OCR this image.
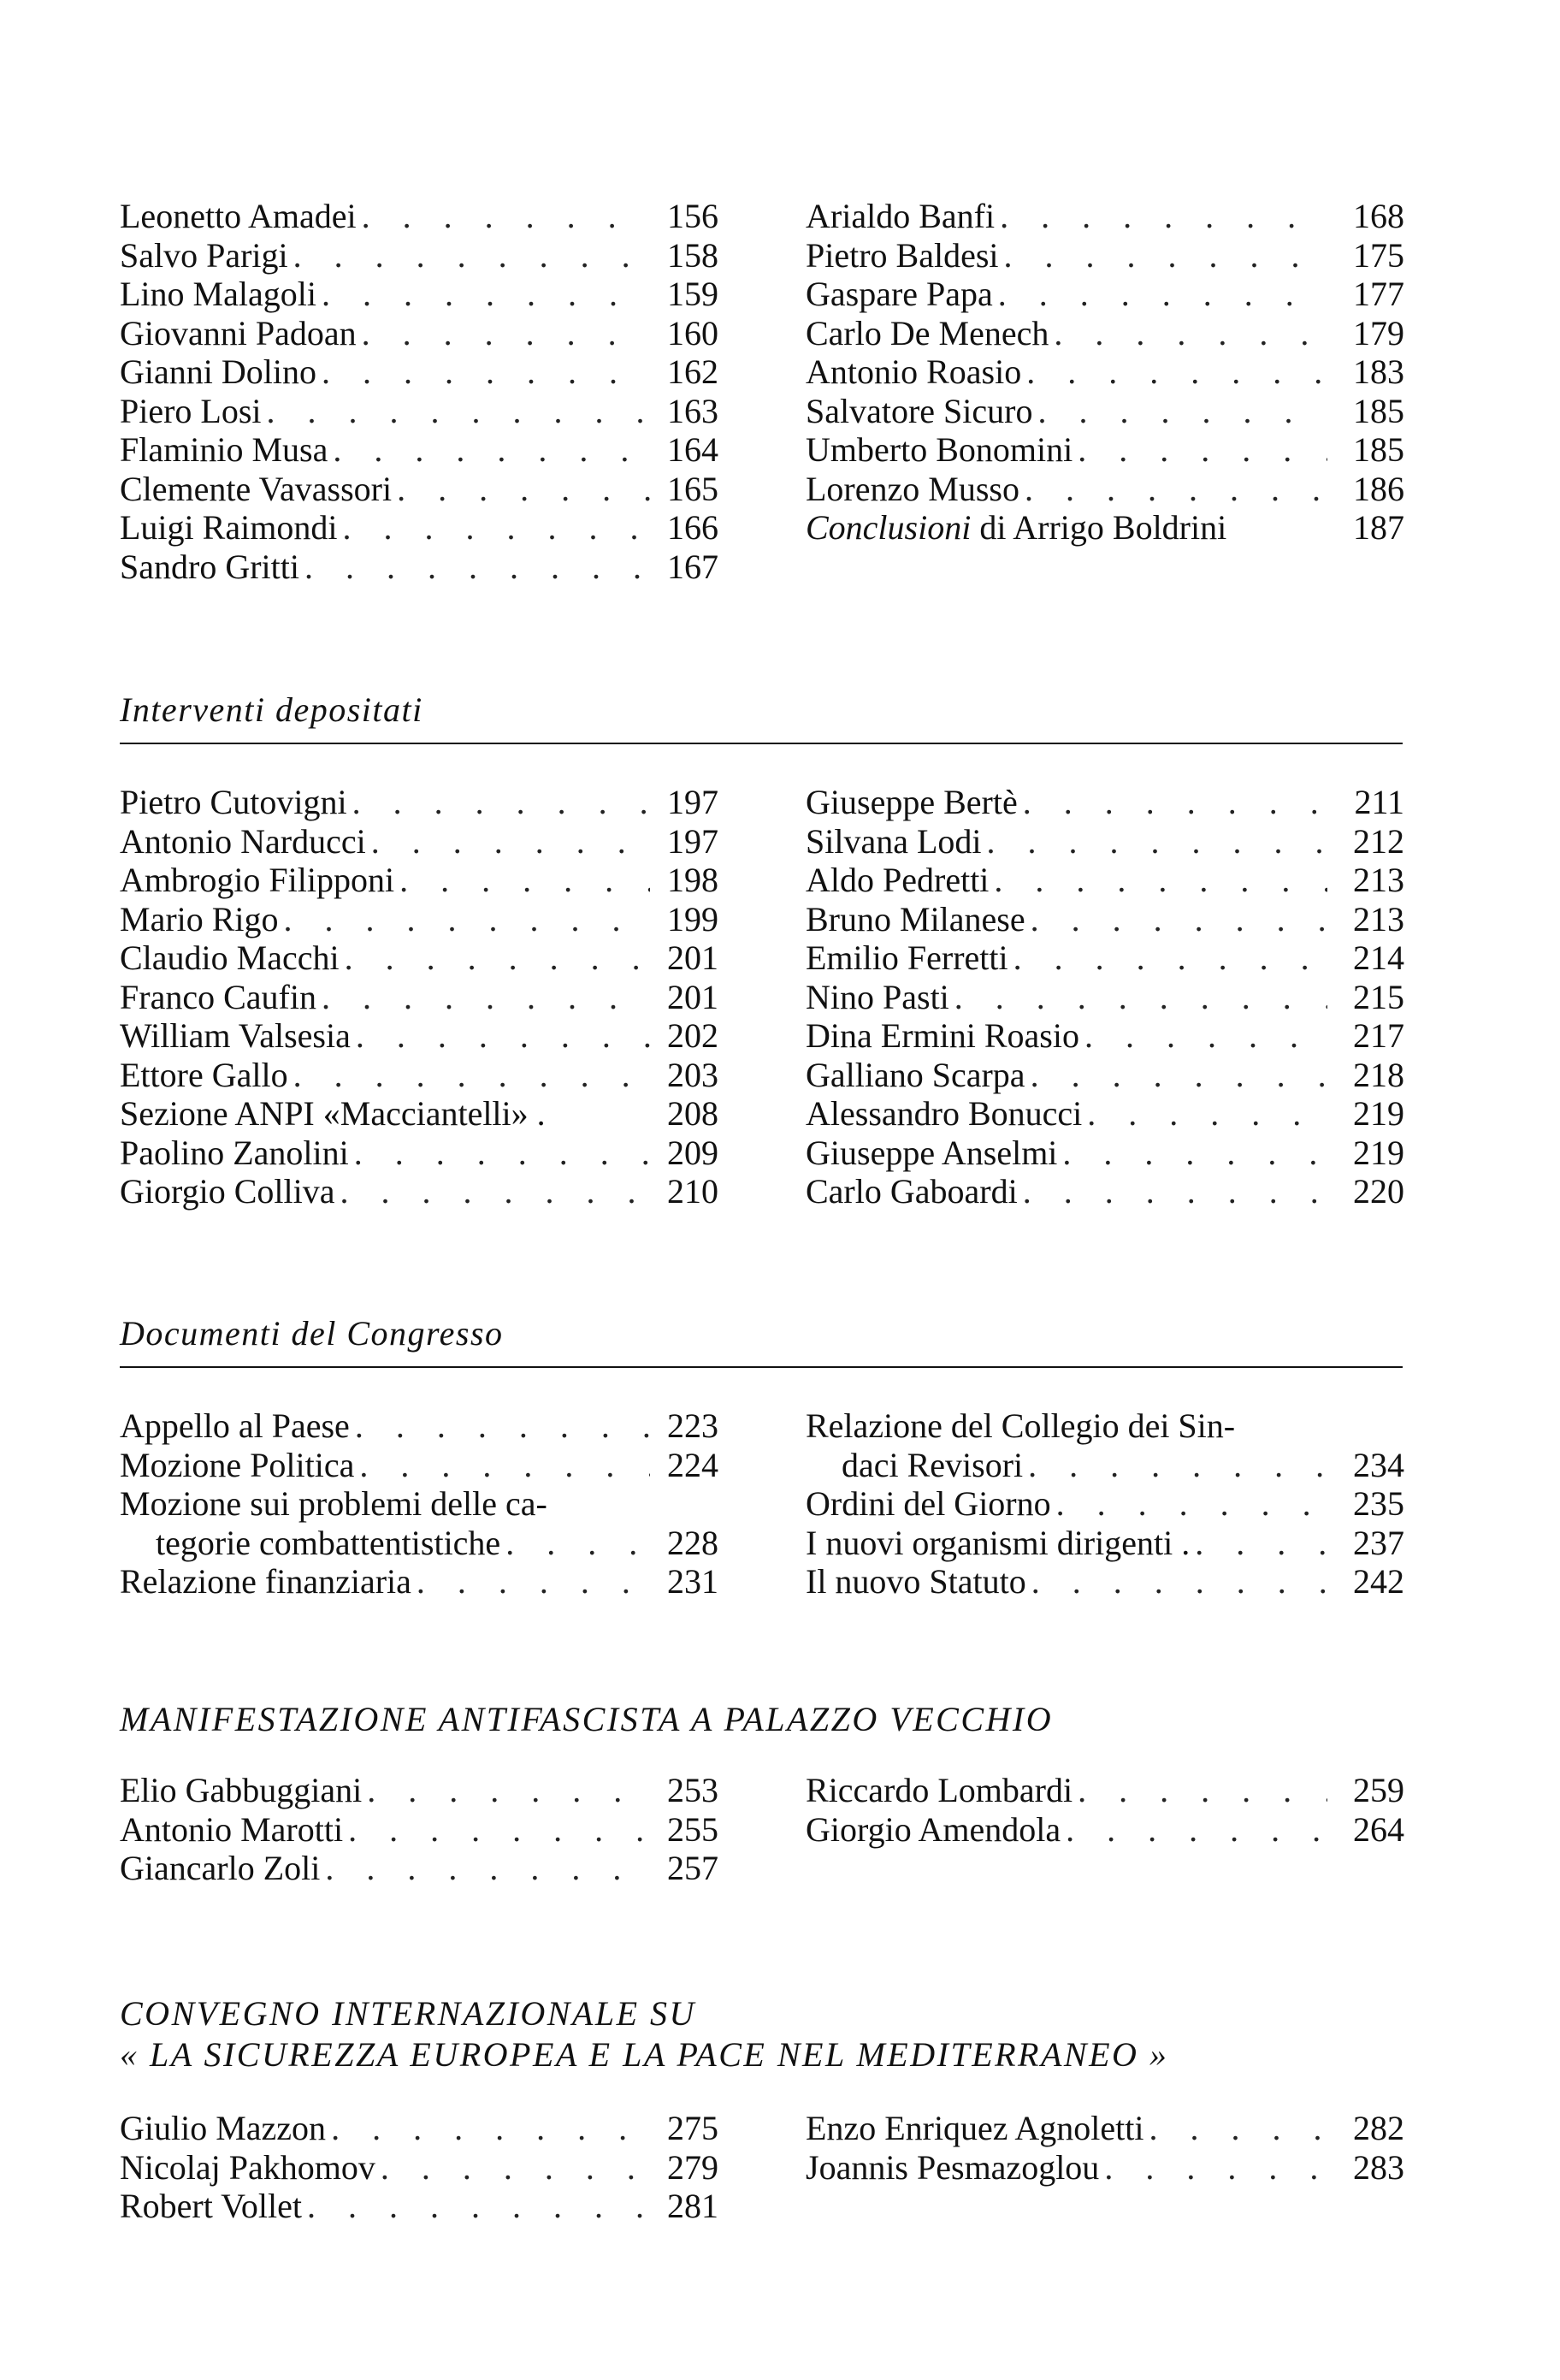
Leonetto Amadei . . .	156
Salvo Parigi . . .	158
Lino Malagoli . . .	159
Giovanni Padoan . . .	160
Gianni Dolino . . .	162
Piero Losi . . .	163
Flaminio Musa . . .	164
Clemente Vavassori . . .	165
Luigi Raimondi . . .	166
Sandro Gritti . . .	167
Arialdo Banfi . . .	168
Pietro Baldesi . . .	175
Gaspare Papa . . .	177
Carlo De Menech . . .	179
Antonio Roasio . . .	183
Salvatore Sicuro . . .	185
Umberto Bonomini . . .	185
Lorenzo Musso . . .	186
Conclusioni di Arrigo Boldrini	187
Interventi depositati
Pietro Cutovigni . . .	197
Antonio Narducci . . .	197
Ambrogio Filipponi . . .	198
Mario Rigo . . .	199
Claudio Macchi . . .	201
Franco Caufin . . .	201
William Valsesia . . .	202
Ettore Gallo . . .	203
Sezione ANPI «Macciantelli» .	208
Paolino Zanolini . . .	209
Giorgio Colliva . . .	210
Giuseppe Bertè . . .	211
Silvana Lodi . . .	212
Aldo Pedretti . . .	213
Bruno Milanese . . .	213
Emilio Ferretti . . .	214
Nino Pasti . . .	215
Dina Ermini Roasio . . .	217
Galliano Scarpa . . .	218
Alessandro Bonucci . . .	219
Giuseppe Anselmi . . .	219
Carlo Gaboardi . . .	220
Documenti del Congresso
Appello al Paese . . .	223
Mozione Politica . . .	224
Mozione sui problemi delle ca-
tegorie combattentistiche . . .	228
Relazione finanziaria . . .	231
Relazione del Collegio dei Sin-
daci Revisori . . .	234
Ordini del Giorno . . .	235
I nuovi organismi dirigenti . . . .	237
Il nuovo Statuto . . .	242
MANIFESTAZIONE ANTIFASCISTA A PALAZZO VECCHIO
Elio Gabbuggiani . . .	253
Antonio Marotti . . .	255
Giancarlo Zoli . . .	257
Riccardo Lombardi . . .	259
Giorgio Amendola . . .	264
CONVEGNO INTERNAZIONALE SU
« LA SICUREZZA EUROPEA E LA PACE NEL MEDITERRANEO »
Giulio Mazzon . . .	275
Nicolaj Pakhomov . . .	279
Robert Vollet . . .	281
Enzo Enriquez Agnoletti . . .	282
Joannis Pesmazoglou . . .	283
